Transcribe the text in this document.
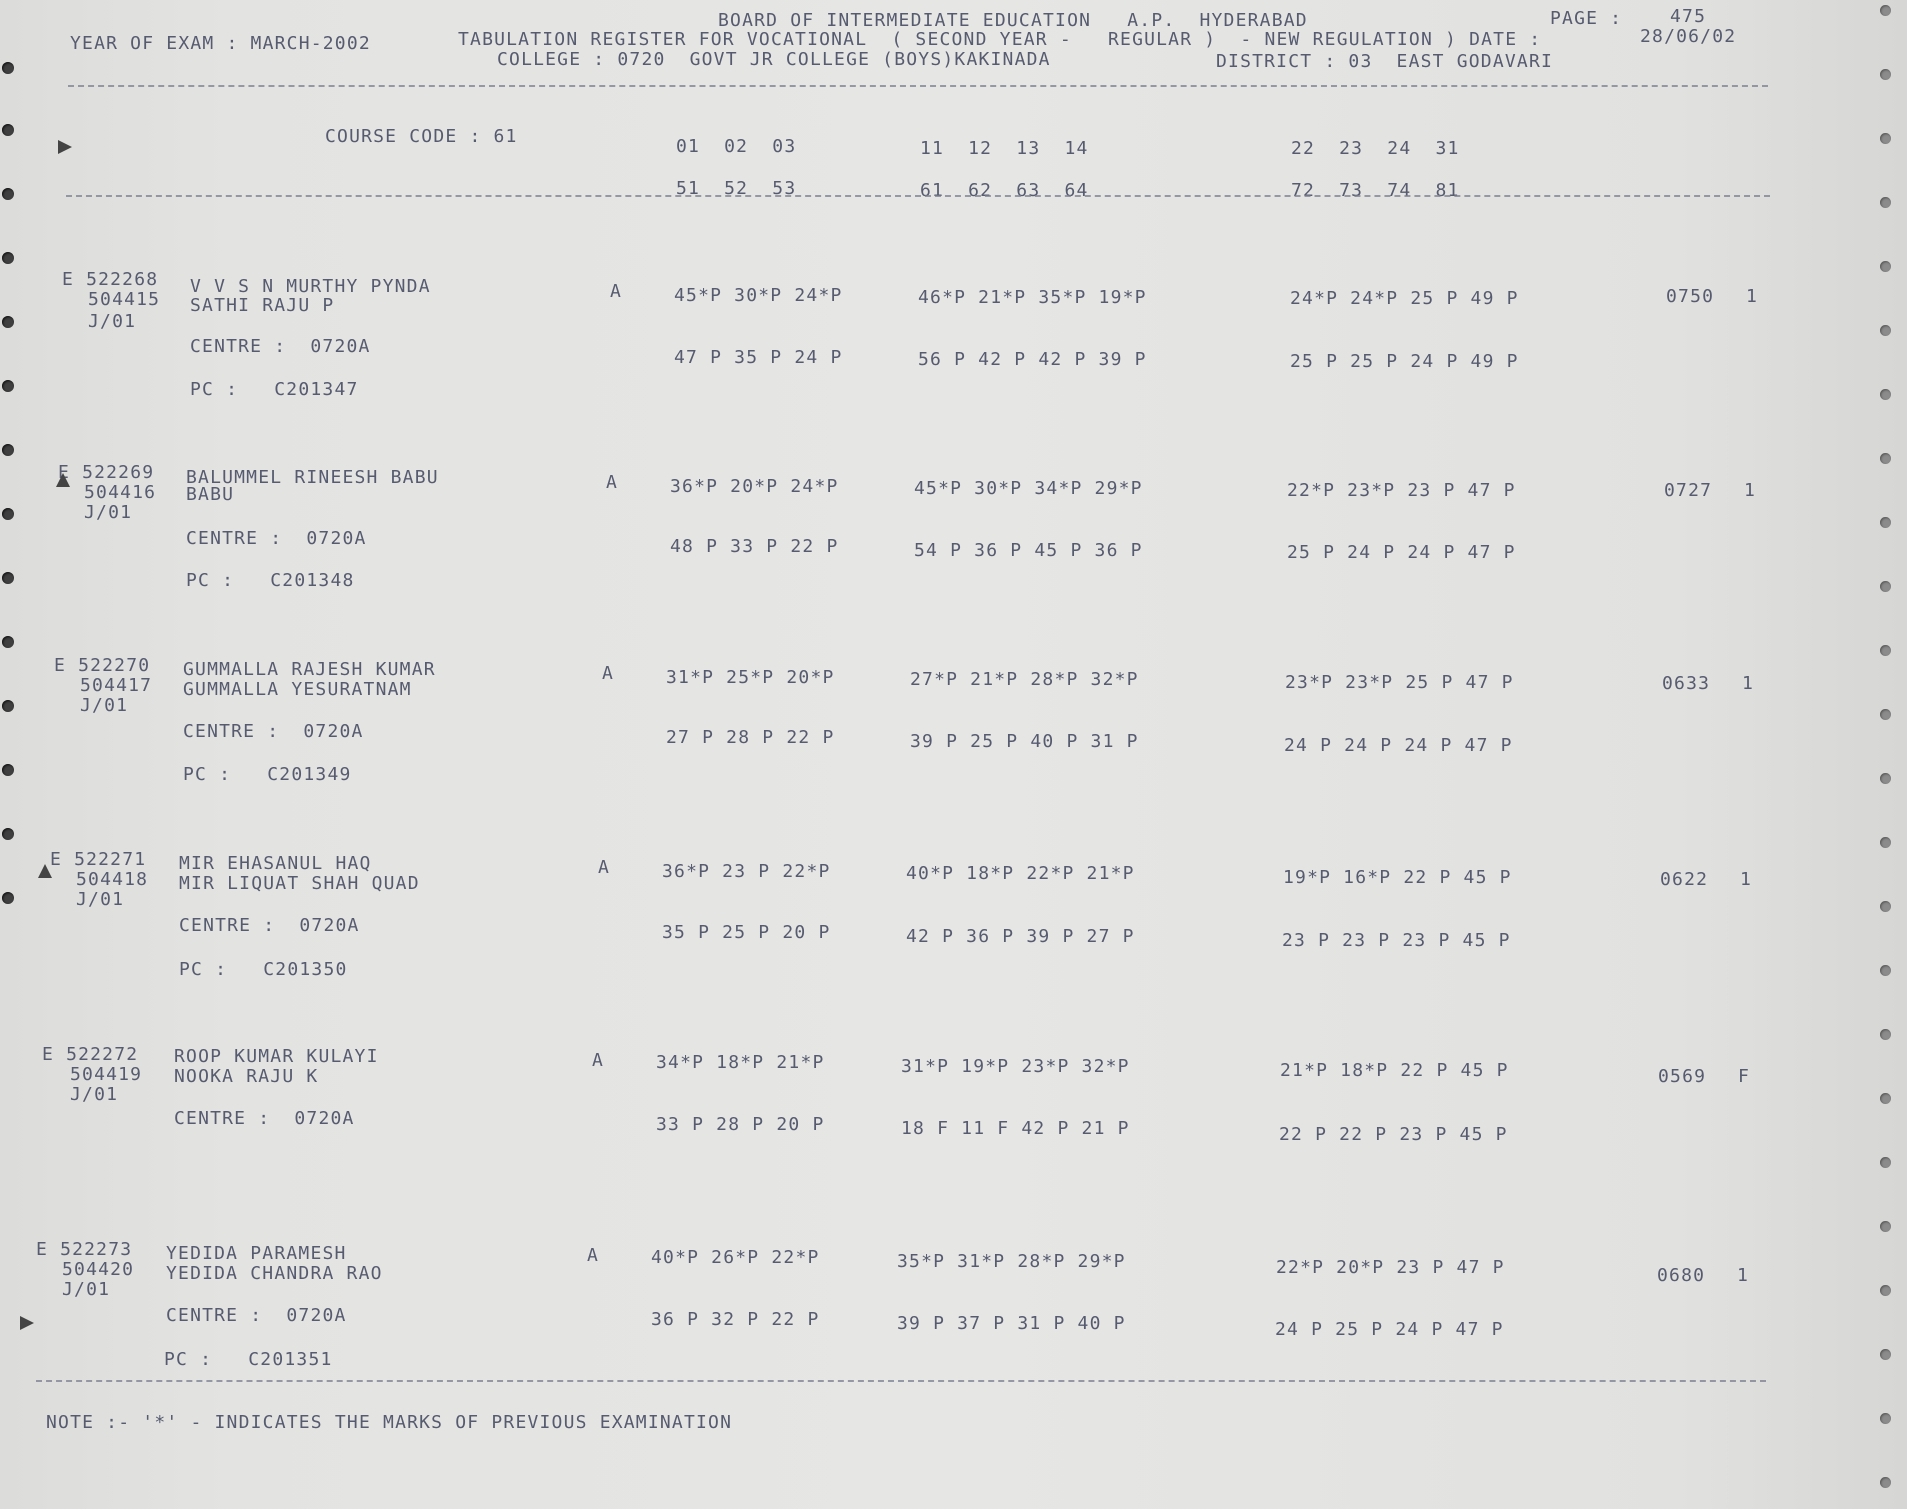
BOARD OF INTERMEDIATE EDUCATION   A.P.  HYDERABAD	PAGE :	475
YEAR OF EXAM : MARCH-2002	TABULATION REGISTER FOR VOCATIONAL  ( SECOND YEAR -   REGULAR )  - NEW REGULATION ) DATE :	28/06/02
COLLEGE : 0720  GOVT JR COLLEGE (BOYS)KAKINADA	DISTRICT : 03  EAST GODAVARI
COURSE CODE : 61	01  02  03	11  12  13  14	22  23  24  31
51  52  53	61  62  63  64	72  73  74  81
E 522268 V V S N MURTHY PYNDA
504415 SATHI RAJU P
J/01
CENTRE :  0720A
PC :   C201347
A	45*P 30*P 24*P	46*P 21*P 35*P 19*P	24*P 24*P 25 P 49 P
47 P 35 P 24 P	56 P 42 P 42 P 39 P	25 P 25 P 24 P 49 P
0750 1
E 522269 BALUMMEL RINEESH BABU
504416 BABU
J/01
CENTRE :  0720A
PC :   C201348
A	36*P 20*P 24*P	45*P 30*P 34*P 29*P	22*P 23*P 23 P 47 P
48 P 33 P 22 P	54 P 36 P 45 P 36 P	25 P 24 P 24 P 47 P
0727 1
E 522270 GUMMALLA RAJESH KUMAR
504417 GUMMALLA YESURATNAM
J/01
CENTRE :  0720A
PC :   C201349
A	31*P 25*P 20*P	27*P 21*P 28*P 32*P	23*P 23*P 25 P 47 P
27 P 28 P 22 P	39 P 25 P 40 P 31 P	24 P 24 P 24 P 47 P
0633 1
E 522271 MIR EHASANUL HAQ
504418 MIR LIQUAT SHAH QUAD
J/01
CENTRE :  0720A
PC :   C201350
A	36*P 23 P 22*P	40*P 18*P 22*P 21*P	19*P 16*P 22 P 45 P
35 P 25 P 20 P	42 P 36 P 39 P 27 P	23 P 23 P 23 P 45 P
0622 1
E 522272 ROOP KUMAR KULAYI
504419 NOOKA RAJU K
J/01
CENTRE :  0720A
A	34*P 18*P 21*P	31*P 19*P 23*P 32*P	21*P 18*P 22 P 45 P
33 P 28 P 20 P	18 F 11 F 42 P 21 P	22 P 22 P 23 P 45 P
0569 F
E 522273 YEDIDA PARAMESH
504420 YEDIDA CHANDRA RAO
J/01
CENTRE :  0720A
PC :   C201351
A	40*P 26*P 22*P	35*P 31*P 28*P 29*P	22*P 20*P 23 P 47 P
36 P 32 P 22 P	39 P 37 P 31 P 40 P	24 P 25 P 24 P 47 P
0680 1
NOTE :- '*' - INDICATES THE MARKS OF PREVIOUS EXAMINATION
